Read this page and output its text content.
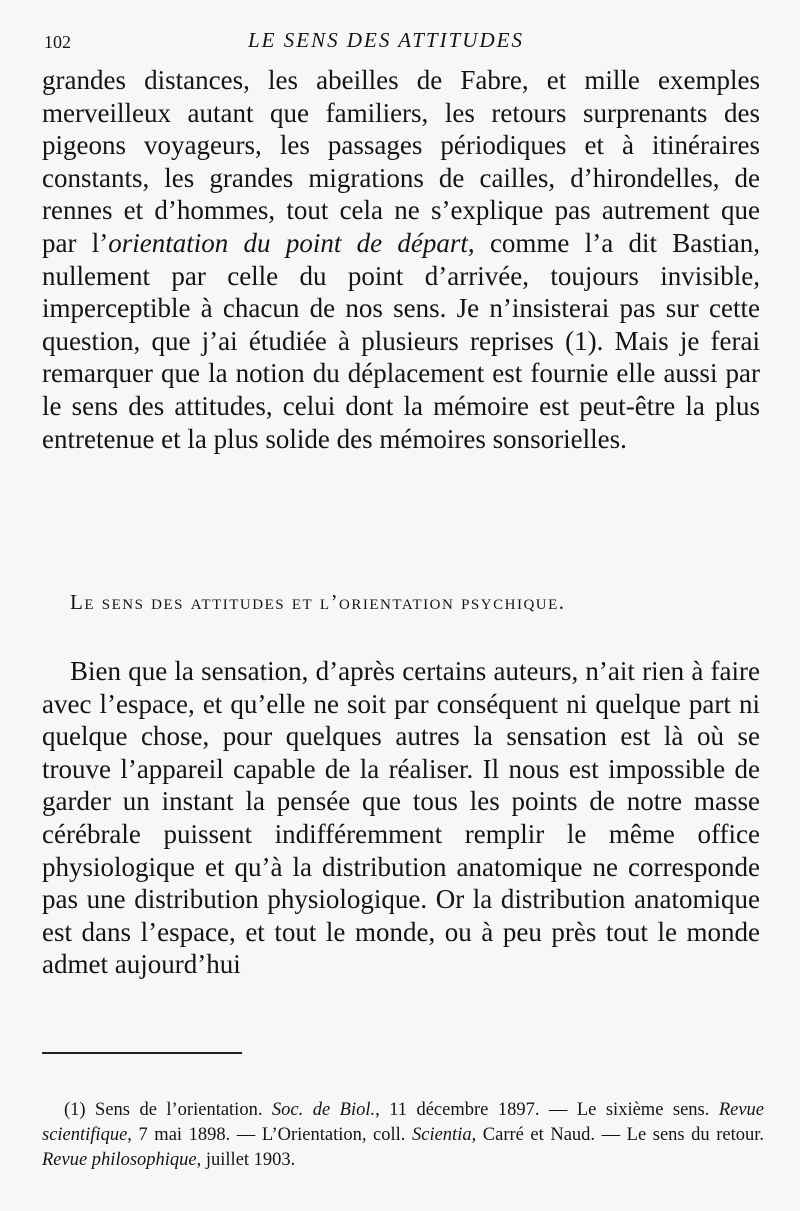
102	LE SENS DES ATTITUDES

grandes distances, les abeilles de Fabre, et mille exemples merveilleux autant que familiers, les retours surprenants des pigeons voyageurs, les passages périodiques et à itinéraires constants, les grandes migrations de cailles, d’hirondelles, de rennes et d’hommes, tout cela ne s’explique pas autrement que par l’orientation du point de départ, comme l’a dit Bastian, nullement par celle du point d’arrivée, toujours invisible, imperceptible à chacun de nos sens. Je n’insisterai pas sur cette question, que j’ai étudiée à plusieurs reprises (1). Mais je ferai remarquer que la notion du déplacement est fournie elle aussi par le sens des attitudes, celui dont la mémoire est peut-être la plus entretenue et la plus solide des mémoires sonsorielles.

Le sens des attitudes et l’orientation psychique.

Bien que la sensation, d’après certains auteurs, n’ait rien à faire avec l’espace, et qu’elle ne soit par conséquent ni quelque part ni quelque chose, pour quelques autres la sensation est là où se trouve l’appareil capable de la réaliser. Il nous est impossible de garder un instant la pensée que tous les points de notre masse cérébrale puissent indifféremment remplir le même office physiologique et qu’à la distribution anatomique ne corresponde pas une distribution physiologique. Or la distribution anatomique est dans l’espace, et tout le monde, ou à peu près tout le monde admet aujourd’hui

(1) Sens de l’orientation. Soc. de Biol., 11 décembre 1897. — Le sixième sens. Revue scientifique, 7 mai 1898. — L’Orientation, coll. Scientia, Carré et Naud. — Le sens du retour. Revue philosophique, juillet 1903.
